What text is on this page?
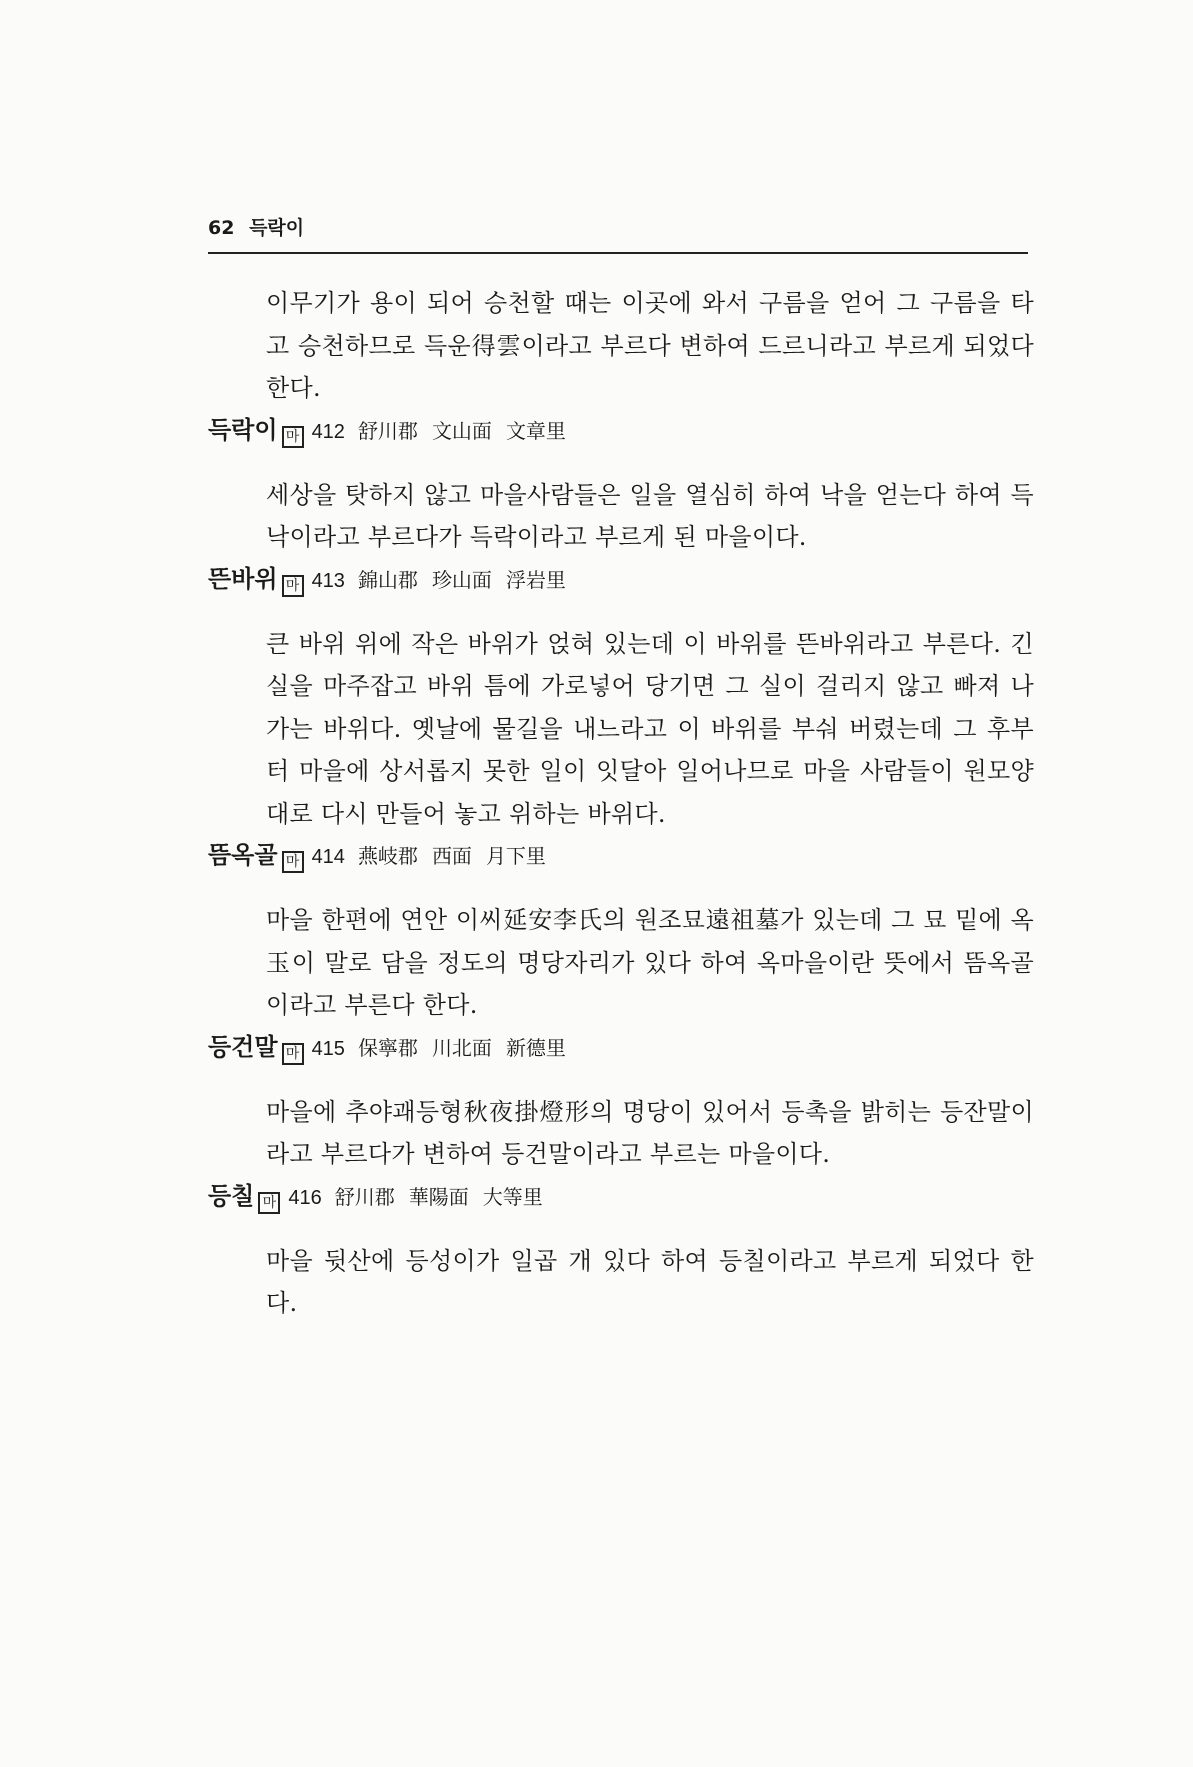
62 득락이

이무기가 용이 되어 승천할 때는 이곳에 와서 구름을 얻어 그 구름을 타고 승천하므로 득운得雲이라고 부르다 변하여 드르니라고 부르게 되었다 한다.

득락이 마 412 舒川郡 文山面 文章里

세상을 탓하지 않고 마을사람들은 일을 열심히 하여 낙을 얻는다 하여 득낙이라고 부르다가 득락이라고 부르게 된 마을이다.

뜬바위 마 413 錦山郡 珍山面 浮岩里

큰 바위 위에 작은 바위가 얹혀 있는데 이 바위를 뜬바위라고 부른다. 긴 실을 마주잡고 바위 틈에 가로넣어 당기면 그 실이 걸리지 않고 빠져 나가는 바위다. 옛날에 물길을 내느라고 이 바위를 부숴 버렸는데 그 후부터 마을에 상서롭지 못한 일이 잇달아 일어나므로 마을 사람들이 원모양대로 다시 만들어 놓고 위하는 바위다.

뜸옥골 마 414 燕岐郡 西面 月下里

마을 한편에 연안 이씨延安李氏의 원조묘遠祖墓가 있는데 그 묘 밑에 옥玉이 말로 담을 정도의 명당자리가 있다 하여 옥마을이란 뜻에서 뜸옥골이라고 부른다 한다.

등건말 마 415 保寧郡 川北面 新德里

마을에 추야괘등형秋夜掛燈形의 명당이 있어서 등촉을 밝히는 등잔말이라고 부르다가 변하여 등건말이라고 부르는 마을이다.

등칠 마 416 舒川郡 華陽面 大等里

마을 뒷산에 등성이가 일곱 개 있다 하여 등칠이라고 부르게 되었다 한다.
